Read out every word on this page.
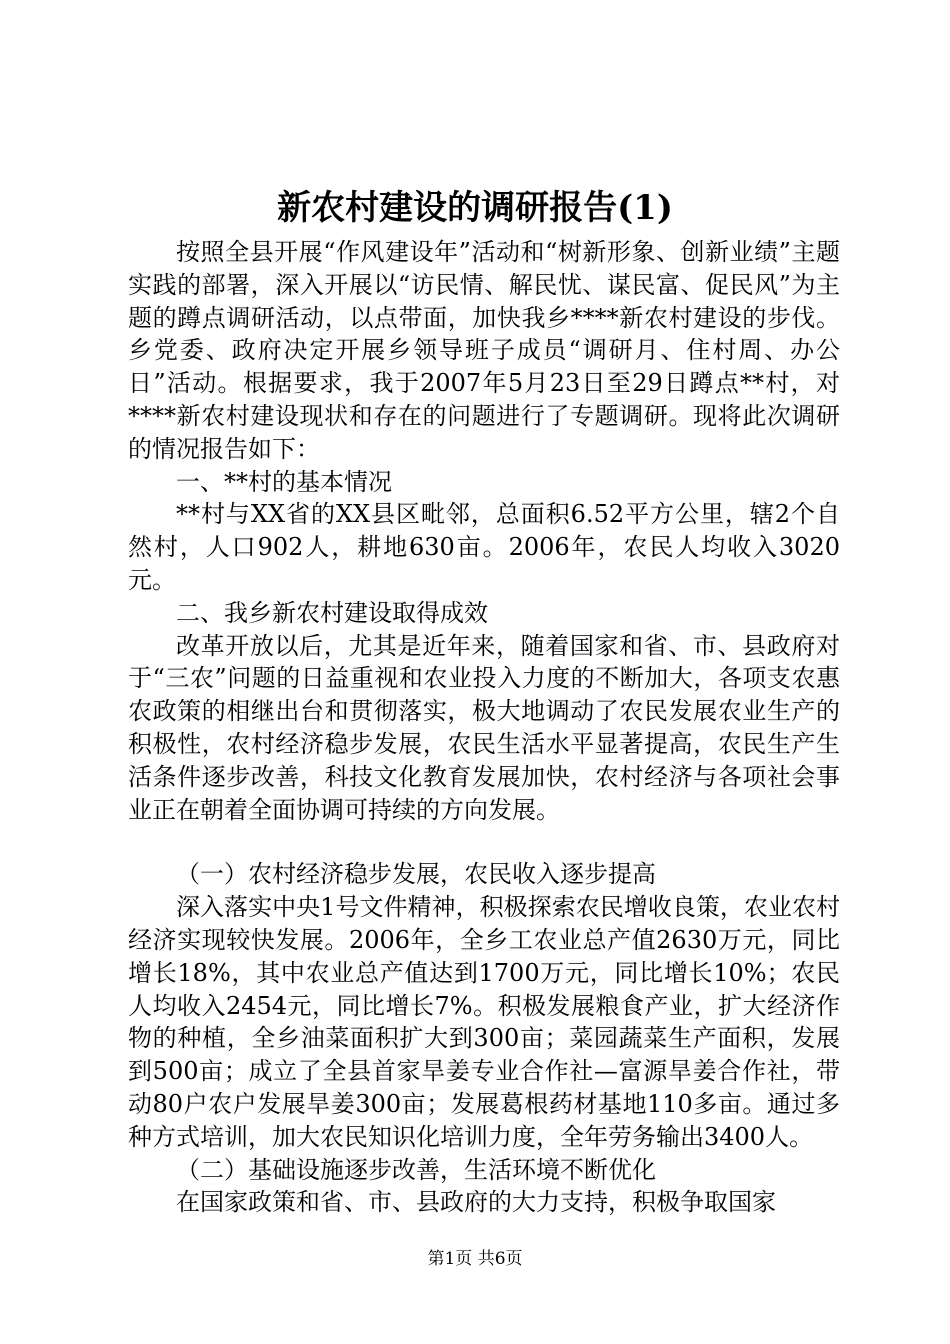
新农村建设的调研报告(1)

按照全县开展“作风建设年”活动和“树新形象、创新业绩”主题实践的部署，深入开展以“访民情、解民忧、谋民富、促民风”为主题的蹲点调研活动，以点带面，加快我乡****新农村建设的步伐。乡党委、政府决定开展乡领导班子成员“调研月、住村周、办公日”活动。根据要求，我于2007年5月23日至29日蹲点**村，对****新农村建设现状和存在的问题进行了专题调研。现将此次调研的情况报告如下：

一、**村的基本情况

**村与XX省的XX县区毗邻，总面积6.52平方公里，辖2个自然村，人口902人，耕地630亩。2006年，农民人均收入3020元。

二、我乡新农村建设取得成效

改革开放以后，尤其是近年来，随着国家和省、市、县政府对于“三农”问题的日益重视和农业投入力度的不断加大，各项支农惠农政策的相继出台和贯彻落实，极大地调动了农民发展农业生产的积极性，农村经济稳步发展，农民生活水平显著提高，农民生产生活条件逐步改善，科技文化教育发展加快，农村经济与各项社会事业正在朝着全面协调可持续的方向发展。

（一）农村经济稳步发展，农民收入逐步提高

深入落实中央1号文件精神，积极探索农民增收良策，农业农村经济实现较快发展。2006年，全乡工农业总产值2630万元，同比增长18%，其中农业总产值达到1700万元，同比增长10%；农民人均收入2454元，同比增长7%。积极发展粮食产业，扩大经济作物的种植，全乡油菜面积扩大到300亩；菜园蔬菜生产面积，发展到500亩；成立了全县首家旱姜专业合作社—富源旱姜合作社，带动80户农户发展旱姜300亩；发展葛根药材基地110多亩。通过多种方式培训，加大农民知识化培训力度，全年劳务输出3400人。

（二）基础设施逐步改善，生活环境不断优化

在国家政策和省、市、县政府的大力支持，积极争取国家

第1页 共6页
